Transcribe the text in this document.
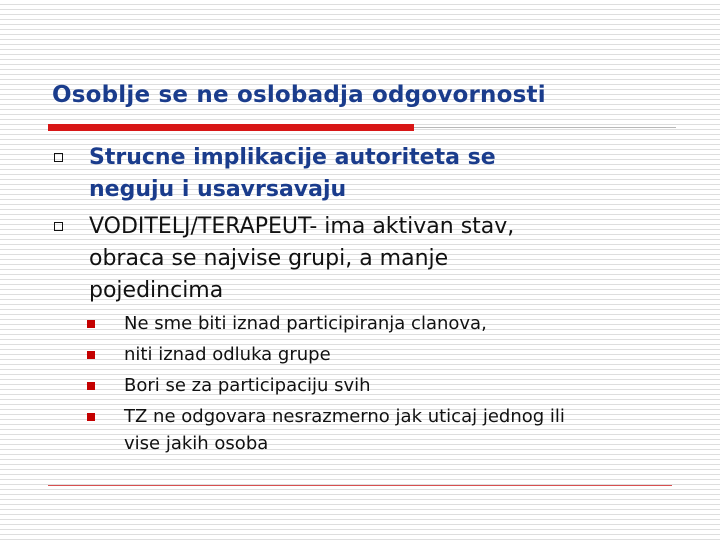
Osoblje se ne oslobadja odgovornosti
Strucne implikacije autoriteta se
neguju i usavrsavaju
VODITELJ/TERAPEUT- ima aktivan stav,
obraca se najvise grupi, a manje
pojedincima
Ne sme biti iznad participiranja clanova,
niti iznad odluka grupe
Bori se za participaciju svih
TZ ne odgovara nesrazmerno jak uticaj jednog ili
vise jakih osoba
